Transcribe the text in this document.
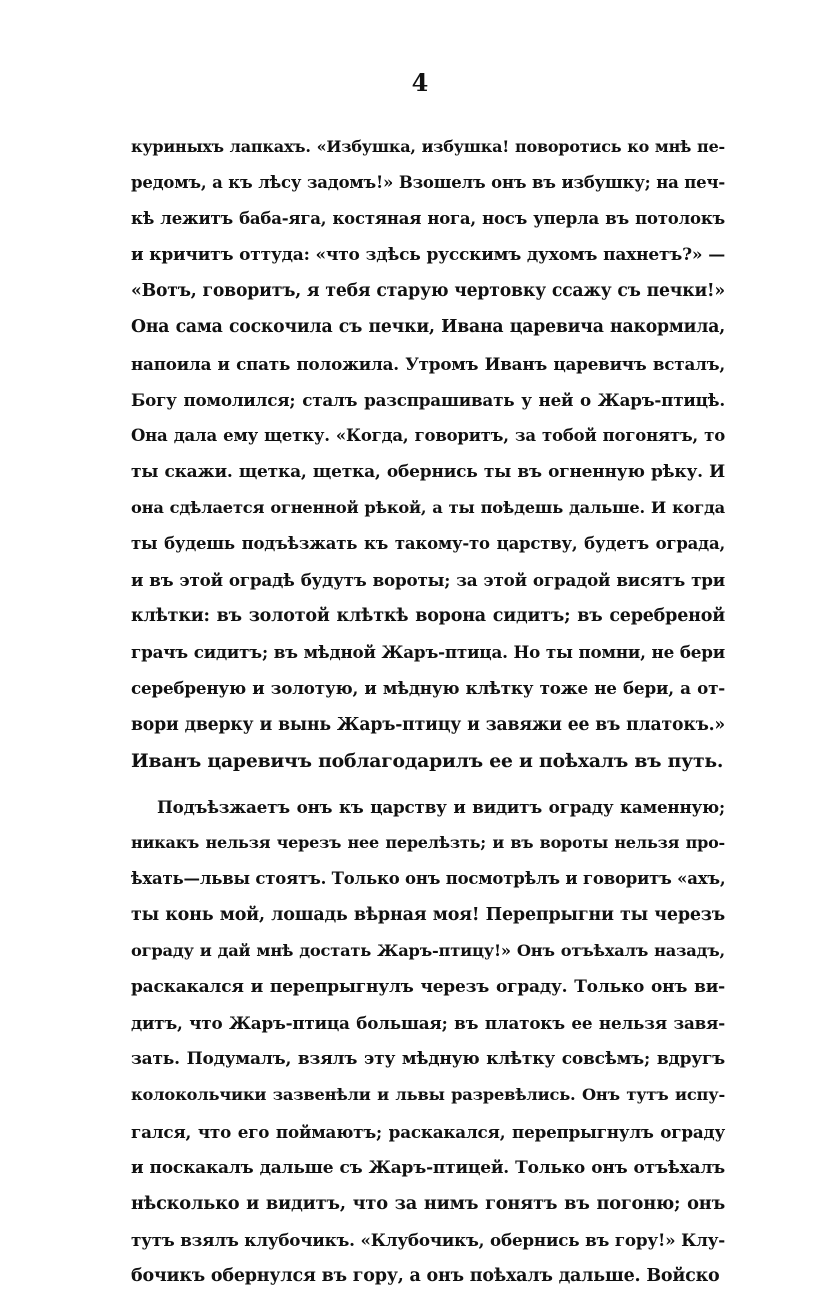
4
куриныхъ лапкахъ. «Избушка, избушка! поворотись ко мнѣ пе-
редомъ, а къ лѣсу задомъ!» Взошелъ онъ въ избушку; на печ-
кѣ лежитъ баба-яга, костяная нога, носъ уперла въ потолокъ
и кричитъ оттуда: «что здѣсь русскимъ духомъ пахнетъ?» —
«Вотъ, говоритъ, я тебя старую чертовку ссажу съ печки!»
Она сама соскочила съ печки, Ивана царевича накормила,
напоила и спать положила. Утромъ Иванъ царевичъ всталъ,
Богу помолился; сталъ разспрашивать у ней о Жаръ-птицѣ.
Она дала ему щетку. «Когда, говоритъ, за тобой погонятъ, то
ты скажи. щетка, щетка, обернись ты въ огненную рѣку. И
она сдѣлается огненной рѣкой, а ты поѣдешь дальше. И когда
ты будешь подъѣзжать къ такому-то царству, будетъ ограда,
и въ этой оградѣ будутъ вороты; за этой оградой висятъ три
клѣтки: въ золотой клѣткѣ ворона сидитъ; въ серебреной
грачъ сидитъ; въ мѣдной Жаръ-птица. Но ты помни, не бери
серебреную и золотую, и мѣдную клѣтку тоже не бери, а от-
вори дверку и вынь Жаръ-птицу и завяжи ее въ платокъ.»
Иванъ царевичъ поблагодарилъ ее и поѣхалъ въ путь.
Подъѣзжаетъ онъ къ царству и видитъ ограду каменную;
никакъ нельзя черезъ нее перелѣзть; и въ вороты нельзя про-
ѣхать—львы стоятъ. Только онъ посмотрѣлъ и говоритъ «ахъ,
ты конь мой, лошадь вѣрная моя! Перепрыгни ты черезъ
ограду и дай мнѣ достать Жаръ-птицу!» Онъ отъѣхалъ назадъ,
раскакался и перепрыгнулъ черезъ ограду. Только онъ ви-
дитъ, что Жаръ-птица большая; въ платокъ ее нельзя завя-
зать. Подумалъ, взялъ эту мѣдную клѣтку совсѣмъ; вдругъ
колокольчики зазвенѣли и львы разревѣлись. Онъ тутъ испу-
гался, что его поймаютъ; раскакался, перепрыгнулъ ограду
и поскакалъ дальше съ Жаръ-птицей. Только онъ отъѣхалъ
нѣсколько и видитъ, что за нимъ гонятъ въ погоню; онъ
тутъ взялъ клубочикъ. «Клубочикъ, обернись въ гору!» Клу-
бочикъ обернулся въ гору, а онъ поѣхалъ дальше. Войско
